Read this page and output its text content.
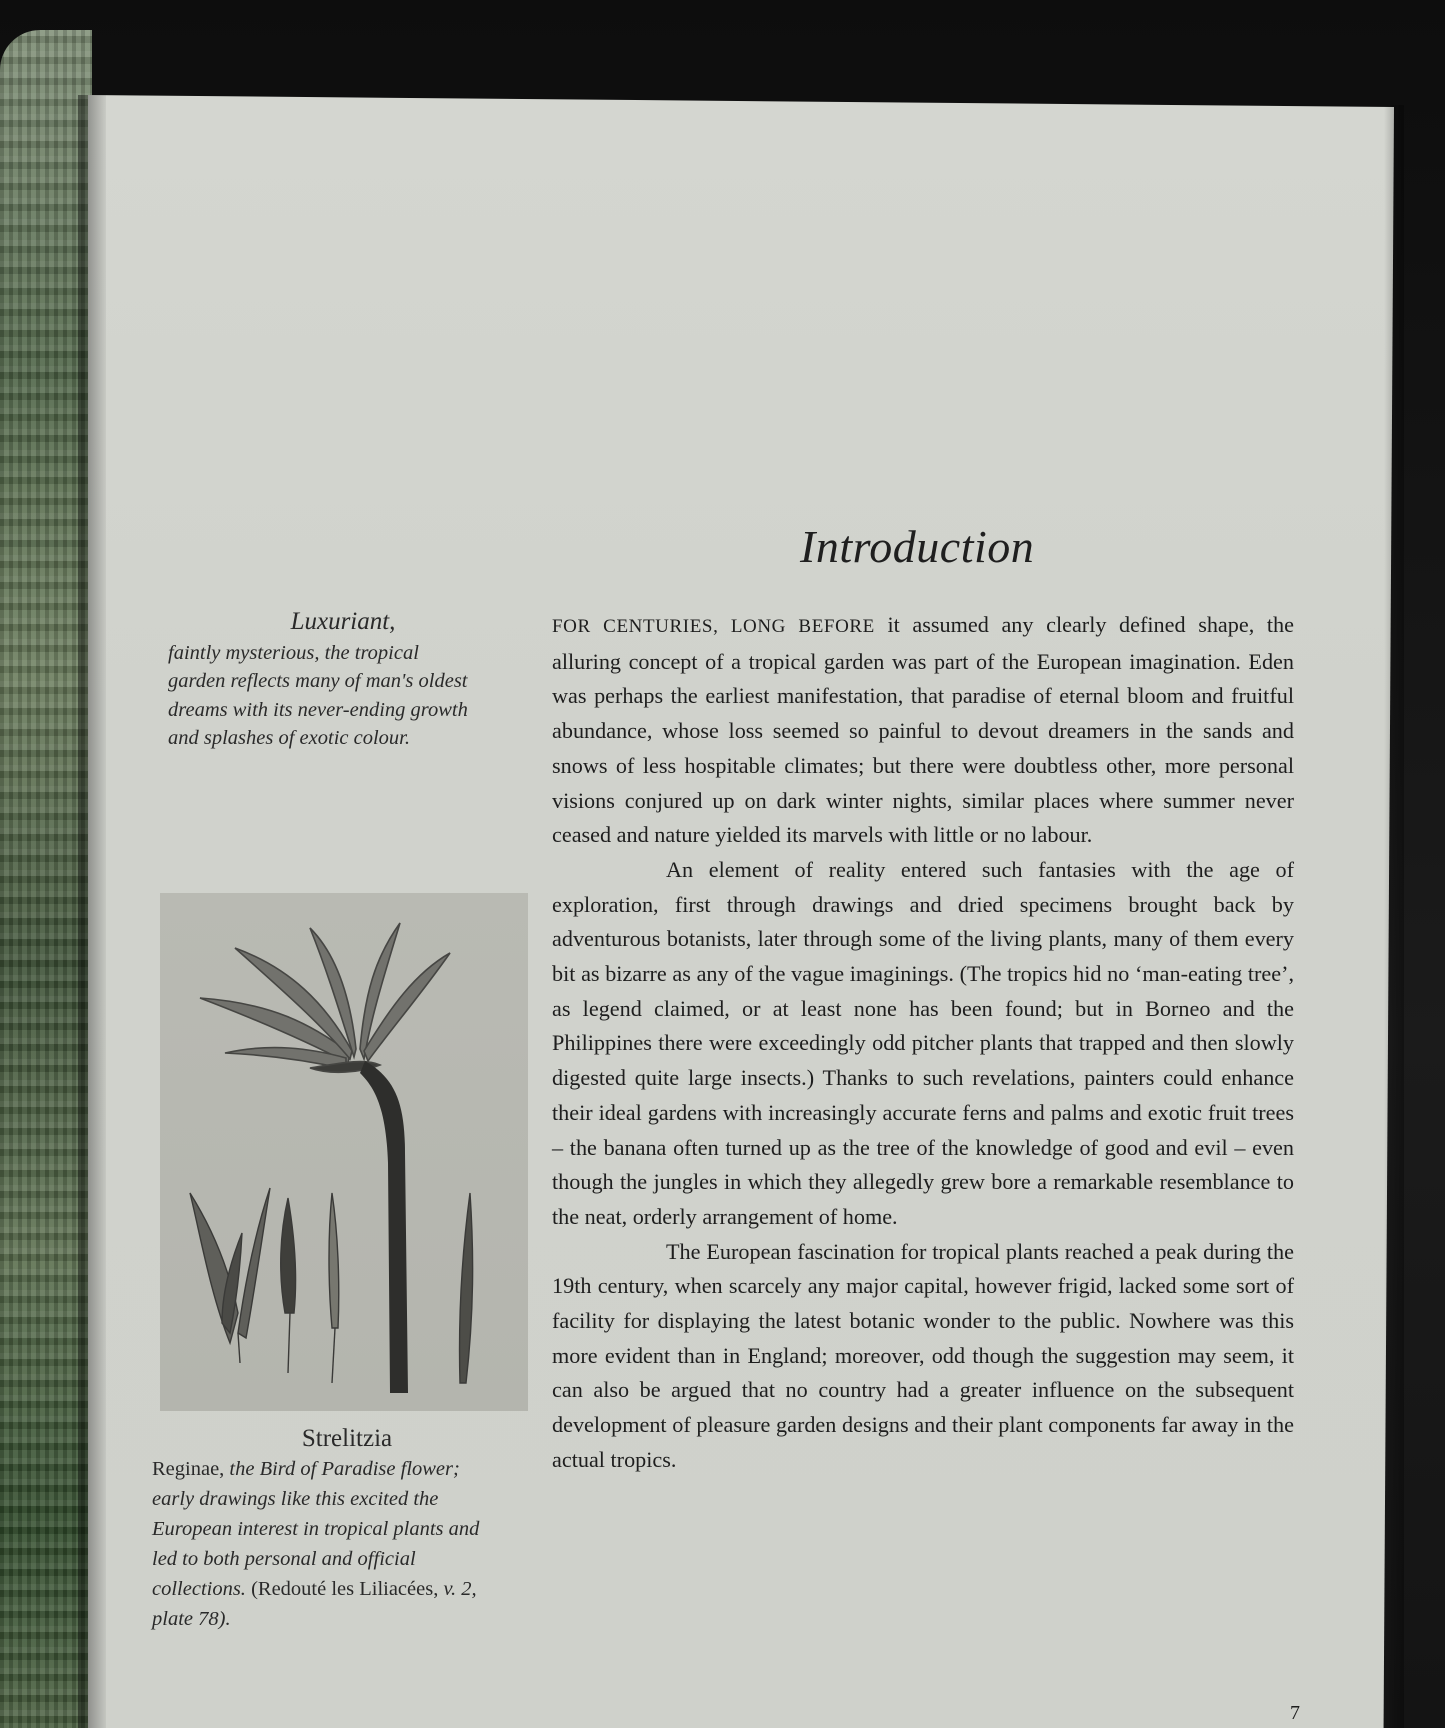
Introduction
Luxuriant,
faintly mysterious, the tropical garden reflects many of man's oldest dreams with its never-ending growth and splashes of exotic colour.
Strelitzia
Reginae, the Bird of Paradise flower; early drawings like this excited the European interest in tropical plants and led to both personal and official collections. (Redouté les Liliacées, v. 2, plate 78).

FOR CENTURIES, LONG BEFORE it assumed any clearly defined shape, the alluring concept of a tropical garden was part of the European imagination. Eden was perhaps the earliest manifestation, that paradise of eternal bloom and fruitful abundance, whose loss seemed so painful to devout dreamers in the sands and snows of less hospitable climates; but there were doubtless other, more personal visions conjured up on dark winter nights, similar places where summer never ceased and nature yielded its marvels with little or no labour.

An element of reality entered such fantasies with the age of exploration, first through drawings and dried specimens brought back by adventurous botanists, later through some of the living plants, many of them every bit as bizarre as any of the vague imaginings. (The tropics hid no ‘man-eating tree’, as legend claimed, or at least none has been found; but in Borneo and the Philippines there were exceedingly odd pitcher plants that trapped and then slowly digested quite large insects.) Thanks to such revelations, painters could enhance their ideal gardens with increasingly accurate ferns and palms and exotic fruit trees – the banana often turned up as the tree of the knowledge of good and evil – even though the jungles in which they allegedly grew bore a remarkable resemblance to the neat, orderly arrangement of home.

The European fascination for tropical plants reached a peak during the 19th century, when scarcely any major capital, however frigid, lacked some sort of facility for displaying the latest botanic wonder to the public. Nowhere was this more evident than in England; moreover, odd though the suggestion may seem, it can also be argued that no country had a greater influence on the subsequent development of pleasure garden designs and their plant components far away in the actual tropics.

7
